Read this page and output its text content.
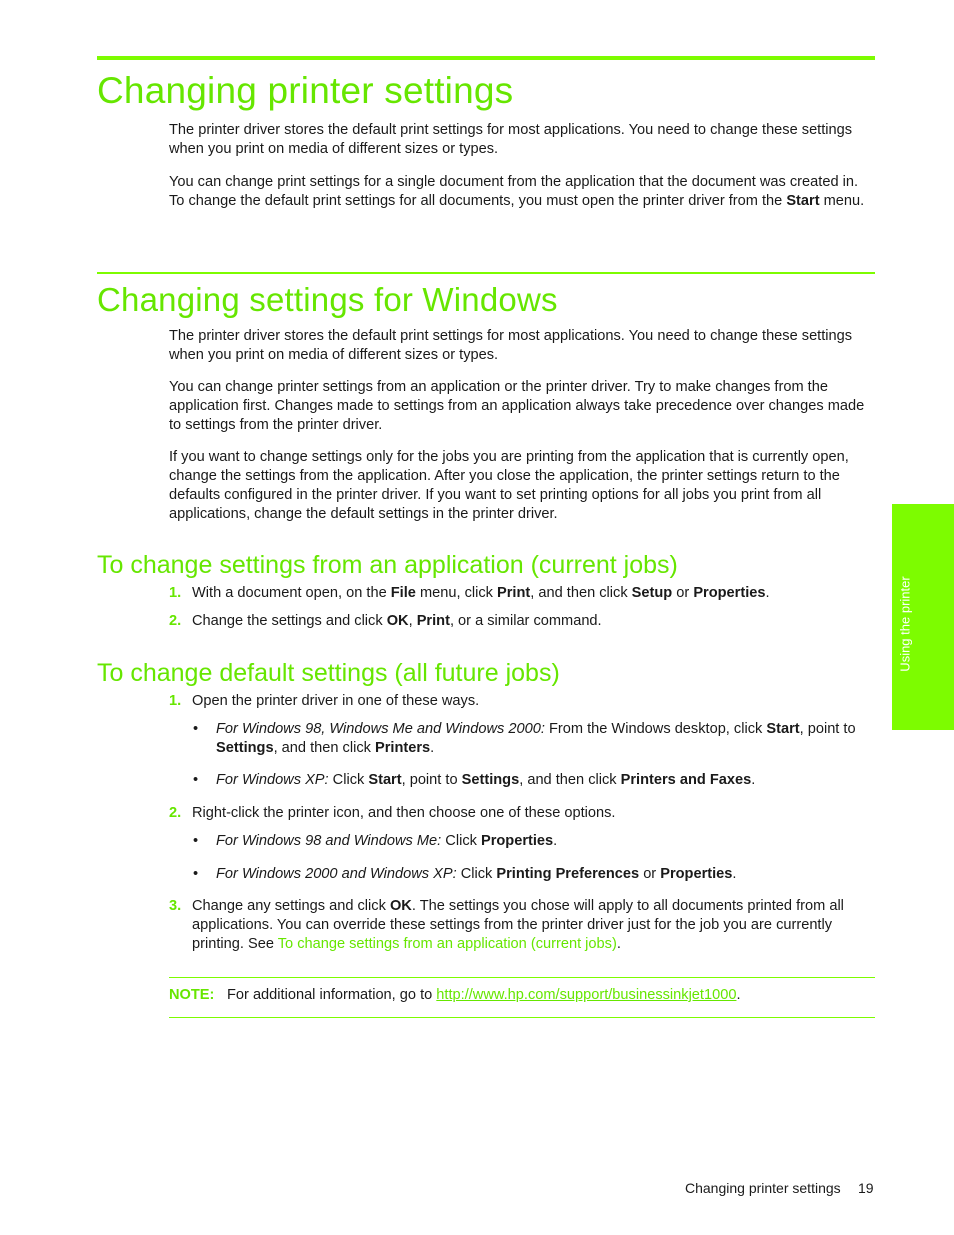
Changing printer settings

The printer driver stores the default print settings for most applications. You need to change these settings when you print on media of different sizes or types.

You can change print settings for a single document from the application that the document was created in. To change the default print settings for all documents, you must open the printer driver from the Start menu.

Changing settings for Windows

The printer driver stores the default print settings for most applications. You need to change these settings when you print on media of different sizes or types.

You can change printer settings from an application or the printer driver. Try to make changes from the application first. Changes made to settings from an application always take precedence over changes made to settings from the printer driver.

If you want to change settings only for the jobs you are printing from the application that is currently open, change the settings from the application. After you close the application, the printer settings return to the defaults configured in the printer driver. If you want to set printing options for all jobs you print from all applications, change the default settings in the printer driver.

To change settings from an application (current jobs)
1. With a document open, on the File menu, click Print, and then click Setup or Properties.
2. Change the settings and click OK, Print, or a similar command.
To change default settings (all future jobs)
1. Open the printer driver in one of these ways.
• For Windows 98, Windows Me and Windows 2000: From the Windows desktop, click Start, point to Settings, and then click Printers.
• For Windows XP: Click Start, point to Settings, and then click Printers and Faxes.
2. Right-click the printer icon, and then choose one of these options.
• For Windows 98 and Windows Me: Click Properties.
• For Windows 2000 and Windows XP: Click Printing Preferences or Properties.
3. Change any settings and click OK. The settings you chose will apply to all documents printed from all applications. You can override these settings from the printer driver just for the job you are currently printing. See To change settings from an application (current jobs).
NOTE: For additional information, go to http://www.hp.com/support/businessinkjet1000.
Using the printer
Changing printer settings 19
